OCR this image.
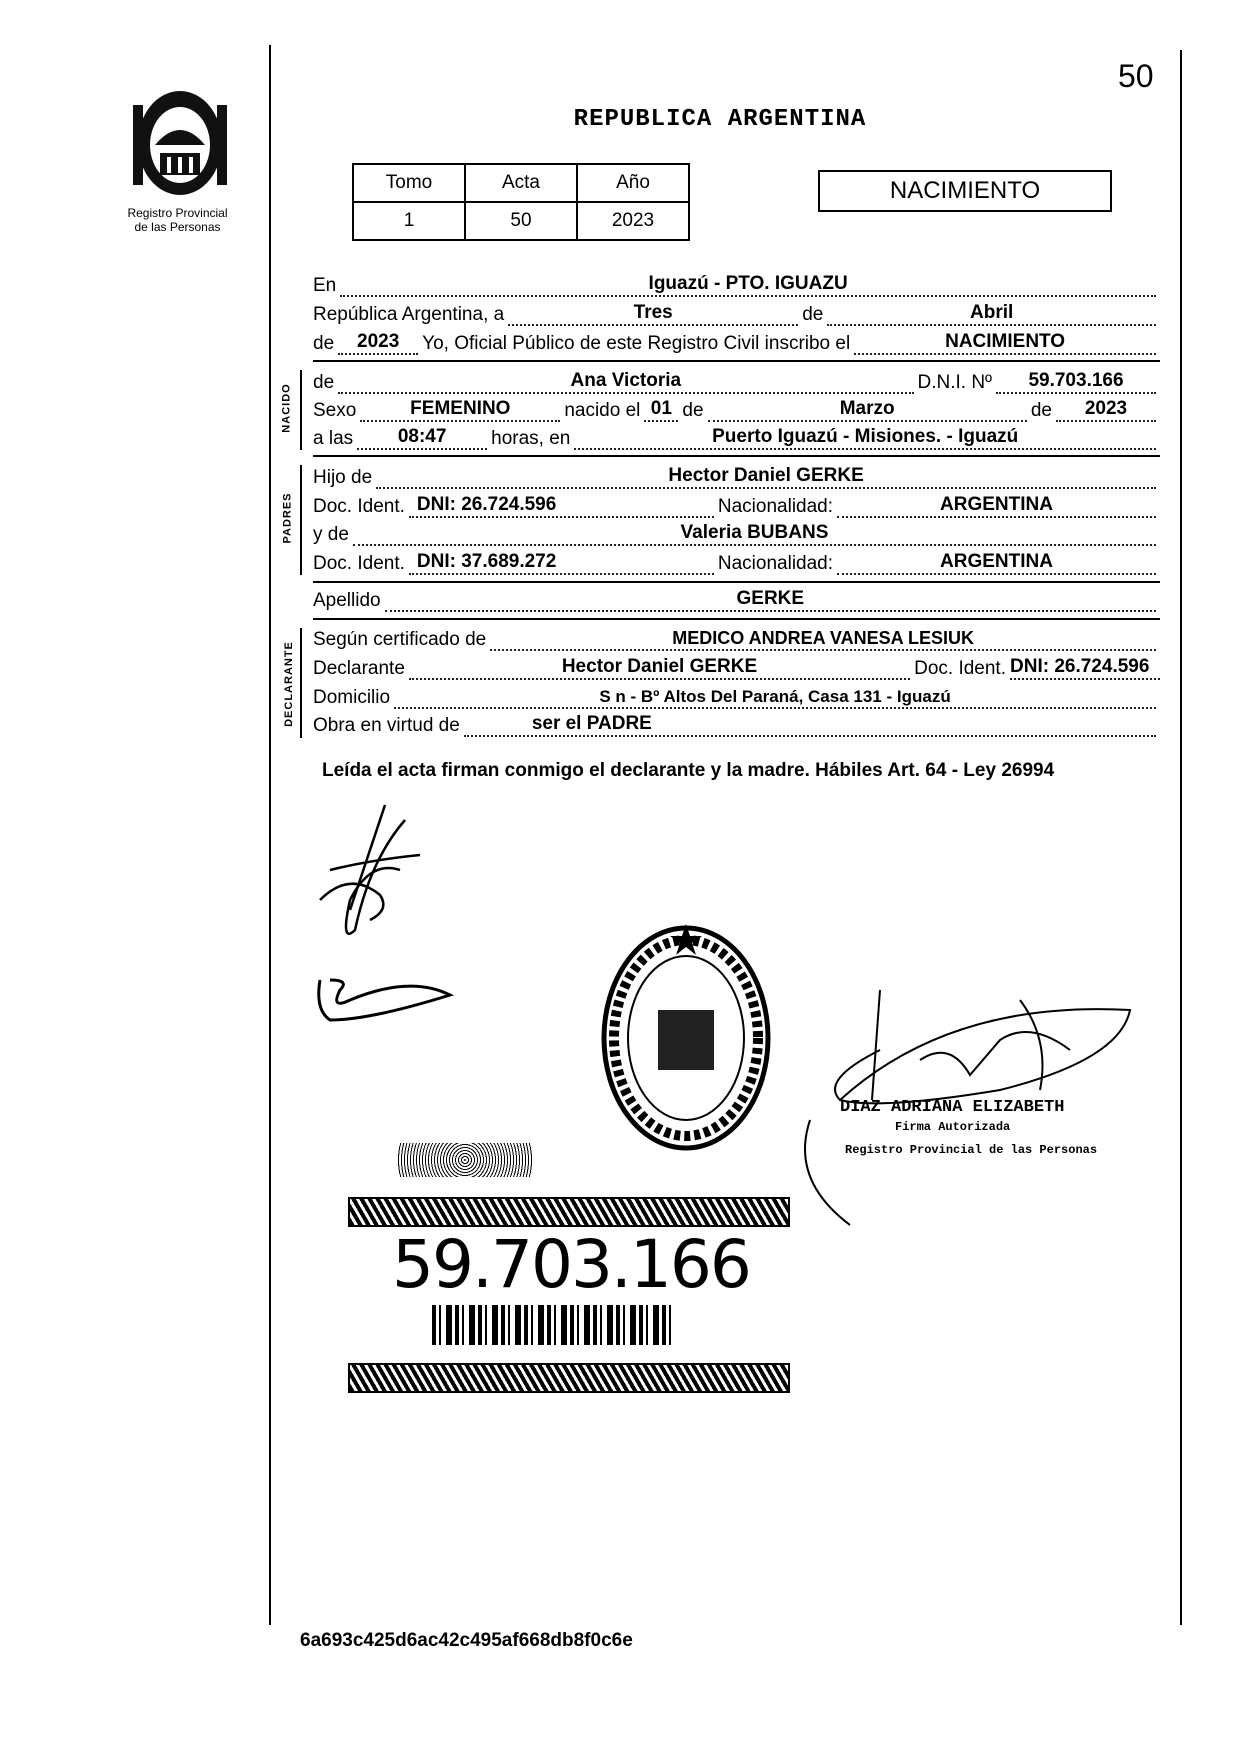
50
Registro Provincial
de las Personas
REPUBLICA ARGENTINA
Tomo	Acta	Año
1	50	2023
NACIMIENTO
En	Iguazú - PTO. IGUAZU
República Argentina, a	Tres	de	Abril
de 2023 Yo, Oficial Público de este Registro Civil inscribo el	NACIMIENTO
NACIDO
de	Ana Victoria	D.N.I. Nº 59.703.166
Sexo	FEMENINO	nacido el 01 de	Marzo	de 2023
a las 08:47 horas, en	Puerto Iguazú - Misiones. - Iguazú
PADRES
Hijo de	Hector Daniel GERKE
Doc. Ident. DNI: 26.724.596	Nacionalidad:	ARGENTINA
y de	Valeria BUBANS
Doc. Ident. DNI: 37.689.272	Nacionalidad:	ARGENTINA
Apellido	GERKE
DECLARANTE
Según certificado de	MEDICO ANDREA VANESA LESIUK
Declarante	Hector Daniel GERKE	Doc. Ident. DNI: 26.724.596
Domicilio	S n - Bº Altos Del Paraná, Casa 131 - Iguazú
Obra en virtud de	ser el PADRE
Leída el acta firman conmigo el declarante y la madre. Hábiles Art. 64 - Ley 26994
DIAZ ADRIANA ELIZABETH
Firma Autorizada
Registro Provincial de las Personas
59.703.166
6a693c425d6ac42c495af668db8f0c6e
